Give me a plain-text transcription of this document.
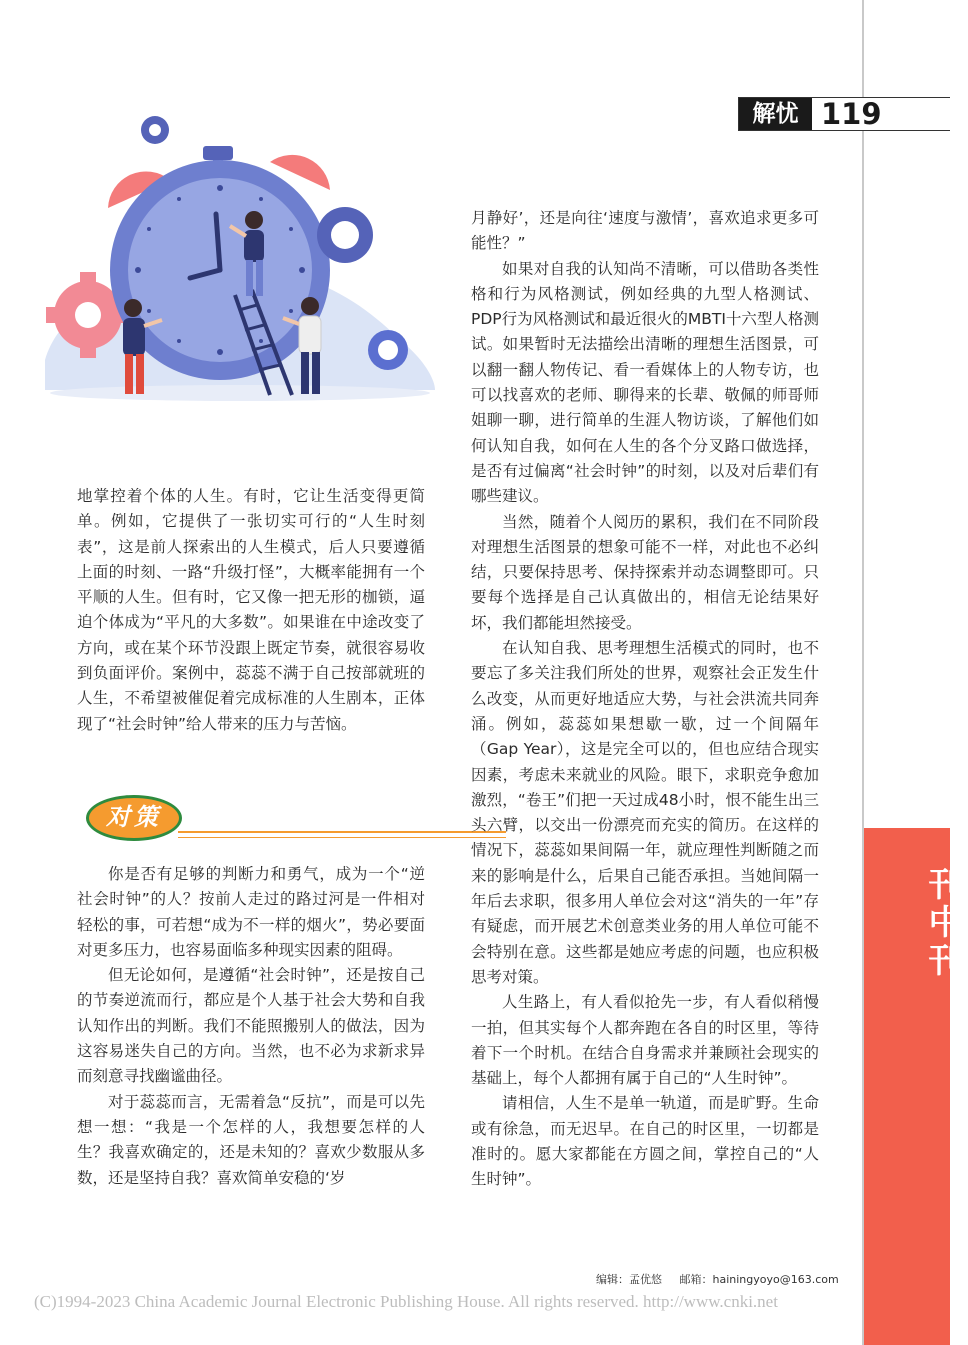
解忧 119

地掌控着个体的人生。有时，它让生活变得更简单。例如，它提供了一张切实可行的“人生时刻表”，这是前人探索出的人生模式，后人只要遵循上面的时刻、一路“升级打怪”，大概率能拥有一个平顺的人生。但有时，它又像一把无形的枷锁，逼迫个体成为“平凡的大多数”。如果谁在中途改变了方向，或在某个环节没跟上既定节奏，就很容易收到负面评价。案例中，蕊蕊不满于自己按部就班的人生，不希望被催促着完成标准的人生剧本，正体现了“社会时钟”给人带来的压力与苦恼。

对策

你是否有足够的判断力和勇气，成为一个“逆社会时钟”的人？按前人走过的路过河是一件相对轻松的事，可若想“成为不一样的烟火”，势必要面对更多压力，也容易面临多种现实因素的阻碍。

但无论如何，是遵循“社会时钟”，还是按自己的节奏逆流而行，都应是个人基于社会大势和自我认知作出的判断。我们不能照搬别人的做法，因为这容易迷失自己的方向。当然，也不必为求新求异而刻意寻找幽谧曲径。

对于蕊蕊而言，无需着急“反抗”，而是可以先想一想：“我是一个怎样的人，我想要怎样的人生？我喜欢确定的，还是未知的？喜欢少数服从多数，还是坚持自我？喜欢简单安稳的‘岁

月静好’，还是向往‘速度与激情’，喜欢追求更多可能性？”

如果对自我的认知尚不清晰，可以借助各类性格和行为风格测试，例如经典的九型人格测试、PDP行为风格测试和最近很火的MBTI十六型人格测试。如果暂时无法描绘出清晰的理想生活图景，可以翻一翻人物传记、看一看媒体上的人物专访，也可以找喜欢的老师、聊得来的长辈、敬佩的师哥师姐聊一聊，进行简单的生涯人物访谈，了解他们如何认知自我，如何在人生的各个分叉路口做选择，是否有过偏离“社会时钟”的时刻，以及对后辈们有哪些建议。

当然，随着个人阅历的累积，我们在不同阶段对理想生活图景的想象可能不一样，对此也不必纠结，只要保持思考、保持探索并动态调整即可。只要每个选择是自己认真做出的，相信无论结果好坏，我们都能坦然接受。

在认知自我、思考理想生活模式的同时，也不要忘了多关注我们所处的世界，观察社会正发生什么改变，从而更好地适应大势，与社会洪流共同奔涌。例如，蕊蕊如果想歇一歇，过一个间隔年（Gap Year），这是完全可以的，但也应结合现实因素，考虑未来就业的风险。眼下，求职竞争愈加激烈，“卷王”们把一天过成48小时，恨不能生出三头六臂，以交出一份漂亮而充实的简历。在这样的情况下，蕊蕊如果间隔一年，就应理性判断随之而来的影响是什么，后果自己能否承担。当她间隔一年后去求职，很多用人单位会对这“消失的一年”存有疑虑，而开展艺术创意类业务的用人单位可能不会特别在意。这些都是她应考虑的问题，也应积极思考对策。

人生路上，有人看似抢先一步，有人看似稍慢一拍，但其实每个人都奔跑在各自的时区里，等待着下一个时机。在结合自身需求并兼顾社会现实的基础上，每个人都拥有属于自己的“人生时钟”。

请相信，人生不是单一轨道，而是旷野。生命或有徐急，而无迟早。在自己的时区里，一切都是准时的。愿大家都能在方圆之间，掌控自己的“人生时钟”。

刊中刊
编辑：孟优悠 邮箱：hainingyoyo@163.com
(C)1994-2023 China Academic Journal Electronic Publishing House. All rights reserved. http://www.cnki.net
